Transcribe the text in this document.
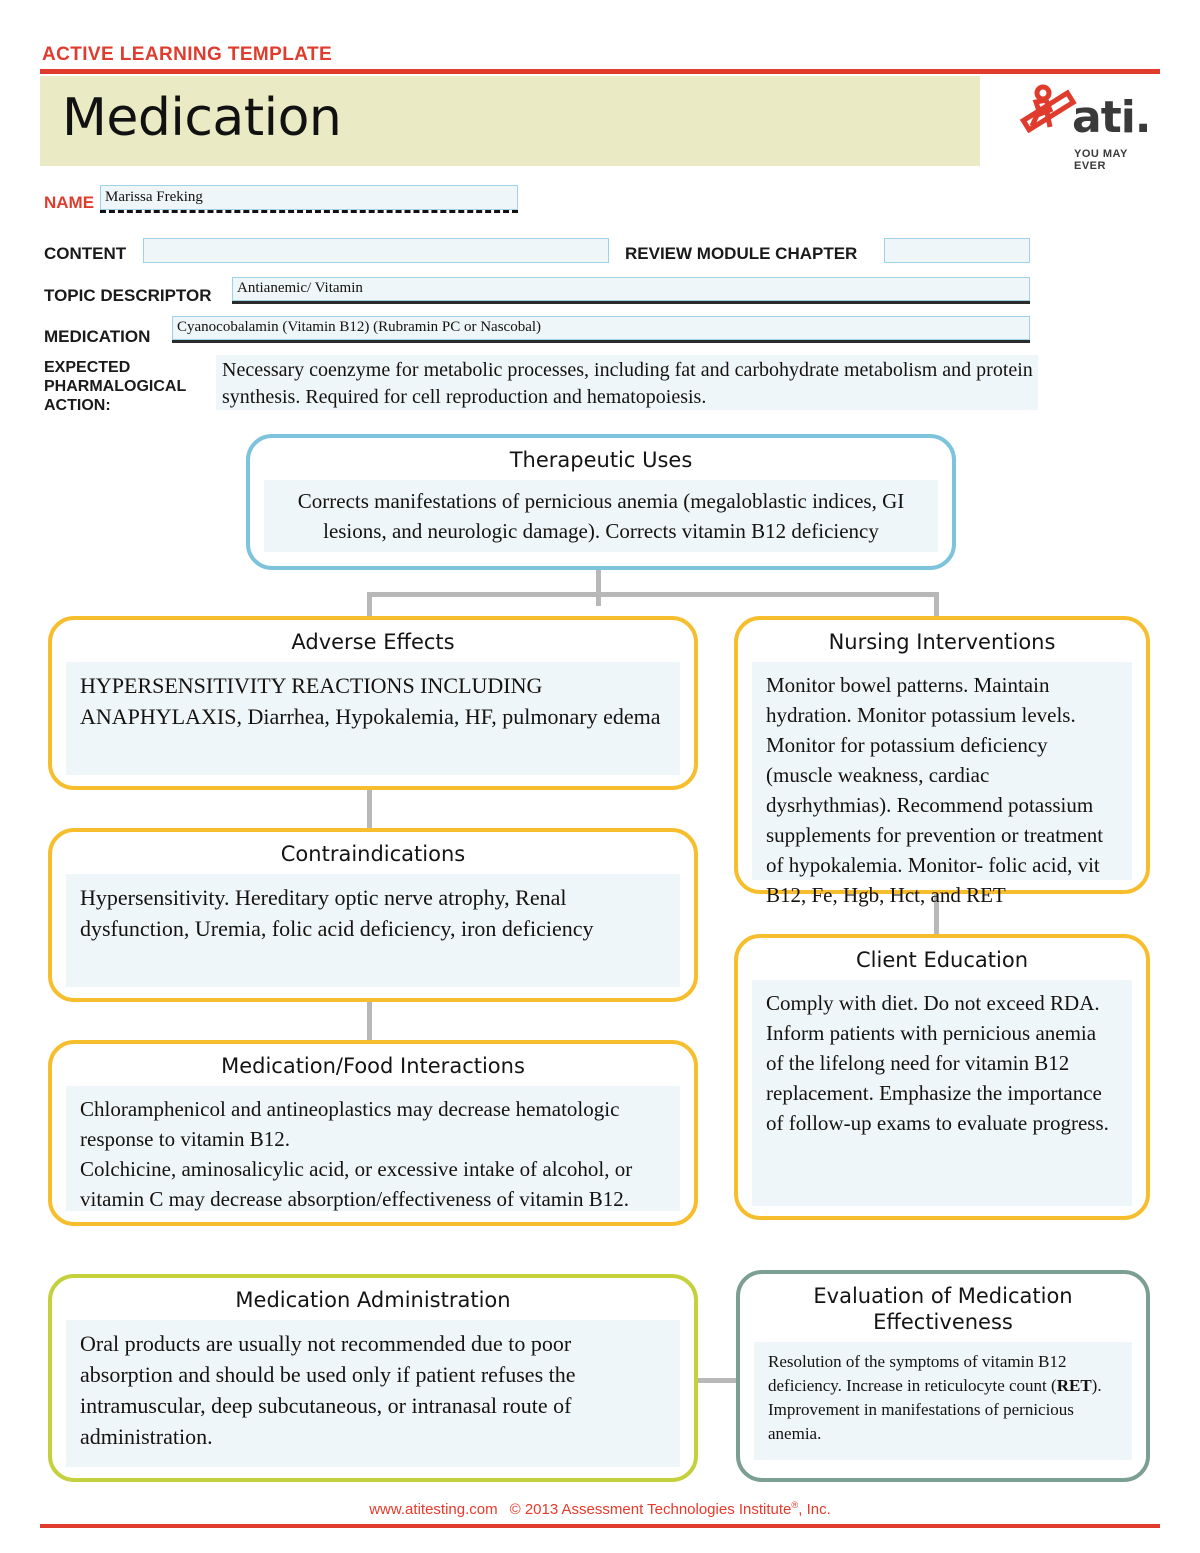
ACTIVE LEARNING TEMPLATE
Medication	ati.
YOU MAY EVER
NAME Marissa Freking
CONTENT	REVIEW MODULE CHAPTER
TOPIC DESCRIPTOR Antianemic/ Vitamin
MEDICATION Cyanocobalamin (Vitamin B12) (Rubramin PC or Nascobal)
EXPECTED
PHARMALOGICAL
ACTION:
Necessary coenzyme for metabolic processes, including fat and carbohydrate metabolism and protein synthesis. Required for cell reproduction and hematopoiesis.
Therapeutic Uses
Corrects manifestations of pernicious anemia (megaloblastic indices, GI lesions, and neurologic damage). Corrects vitamin B12 deficiency
Adverse Effects
HYPERSENSITIVITY REACTIONS INCLUDING ANAPHYLAXIS, Diarrhea, Hypokalemia, HF, pulmonary edema
Nursing Interventions
Monitor bowel patterns. Maintain hydration. Monitor potassium levels. Monitor for potassium deficiency (muscle weakness, cardiac dysrhythmias). Recommend potassium supplements for prevention or treatment of hypokalemia. Monitor- folic acid, vit B12, Fe, Hgb, Hct, and RET
Contraindications
Hypersensitivity. Hereditary optic nerve atrophy, Renal dysfunction, Uremia, folic acid deficiency, iron deficiency
Client Education
Comply with diet. Do not exceed RDA. Inform patients with pernicious anemia of the lifelong need for vitamin B12 replacement. Emphasize the importance of follow-up exams to evaluate progress.
Medication/Food Interactions

Chloramphenicol and antineoplastics may decrease hematologic response to vitamin B12.

Colchicine, aminosalicylic acid, or excessive intake of alcohol, or vitamin C may decrease absorption/effectiveness of vitamin B12.

Medication Administration
Oral products are usually not recommended due to poor absorption and should be used only if patient refuses the intramuscular, deep subcutaneous, or intranasal route of administration.
Evaluation of Medication
Effectiveness
Resolution of the symptoms of vitamin B12 deficiency. Increase in reticulocyte count (RET). Improvement in manifestations of pernicious anemia.
www.atitesting.com © 2013 Assessment Technologies Institute®, Inc.
